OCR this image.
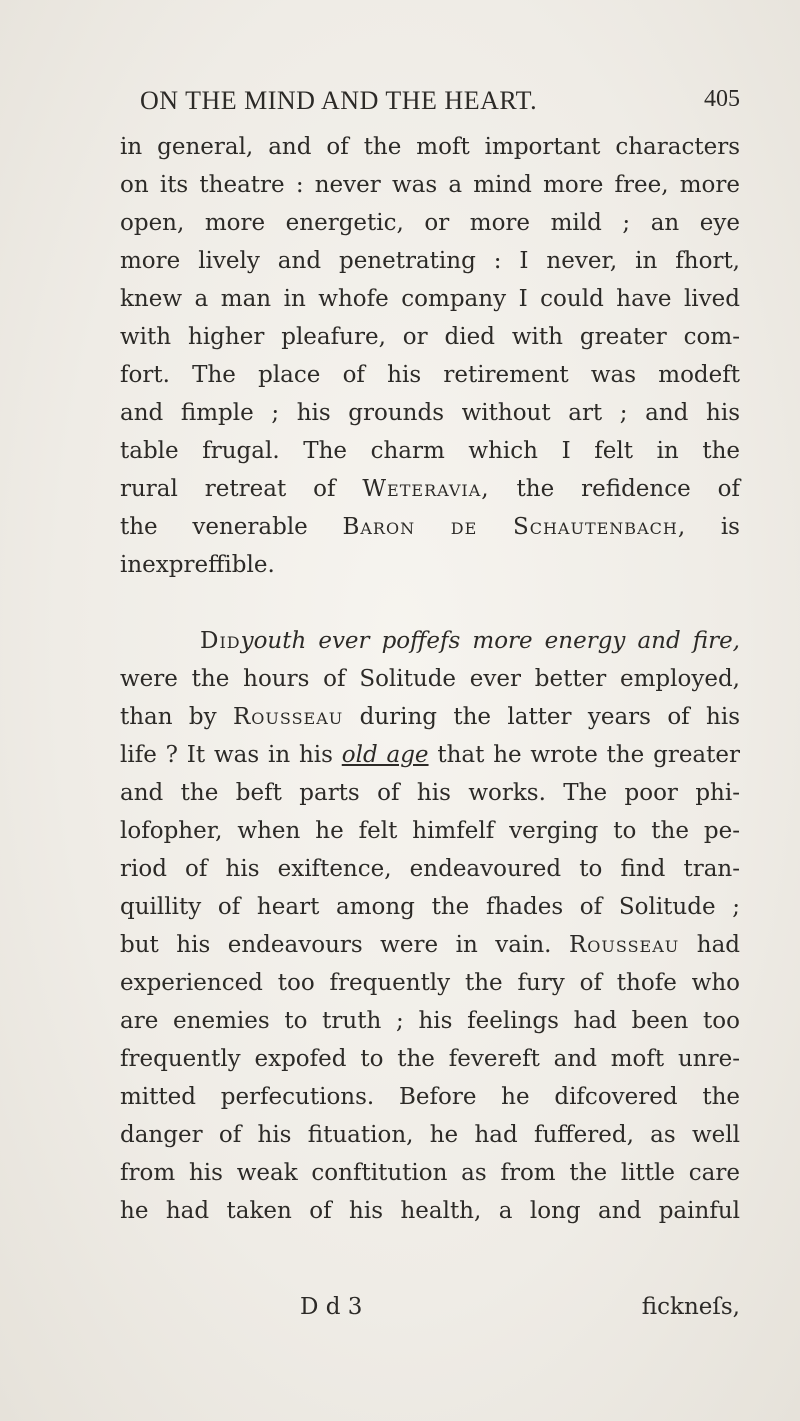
ON THE MIND AND THE HEART.	405
in general, and of the moft important characters
on its theatre : never was a mind more free, more
open, more energetic, or more mild ; an eye
more lively and penetrating : I never, in fhort,
knew a man in whofe company I could have lived
with higher pleafure, or died with greater com-
fort. The place of his retirement was modeft
and fimple ; his grounds without art ; and his
table frugal. The charm which I felt in the
rural retreat of Weteravia, the refidence of
the venerable Baron de Schautenbach, is
inexpreffible.
Didyouth ever poffefs more energy and fire,
were the hours of Solitude ever better employed,
than by Rousseau during the latter years of his
life ? It was in his old age that he wrote the greater
and the beft parts of his works. The poor phi-
lofopher, when he felt himfelf verging to the pe-
riod of his exiftence, endeavoured to find tran-
quillity of heart among the fhades of Solitude ;
but his endeavours were in vain. Rousseau had
experienced too frequently the fury of thofe who
are enemies to truth ; his feelings had been too
frequently expofed to the fevereft and moft unre-
mitted perfecutions. Before he difcovered the
danger of his fituation, he had fuffered, as well
from his weak conftitution as from the little care
he had taken of his health, a long and painful
D d 3	fickneſs,
